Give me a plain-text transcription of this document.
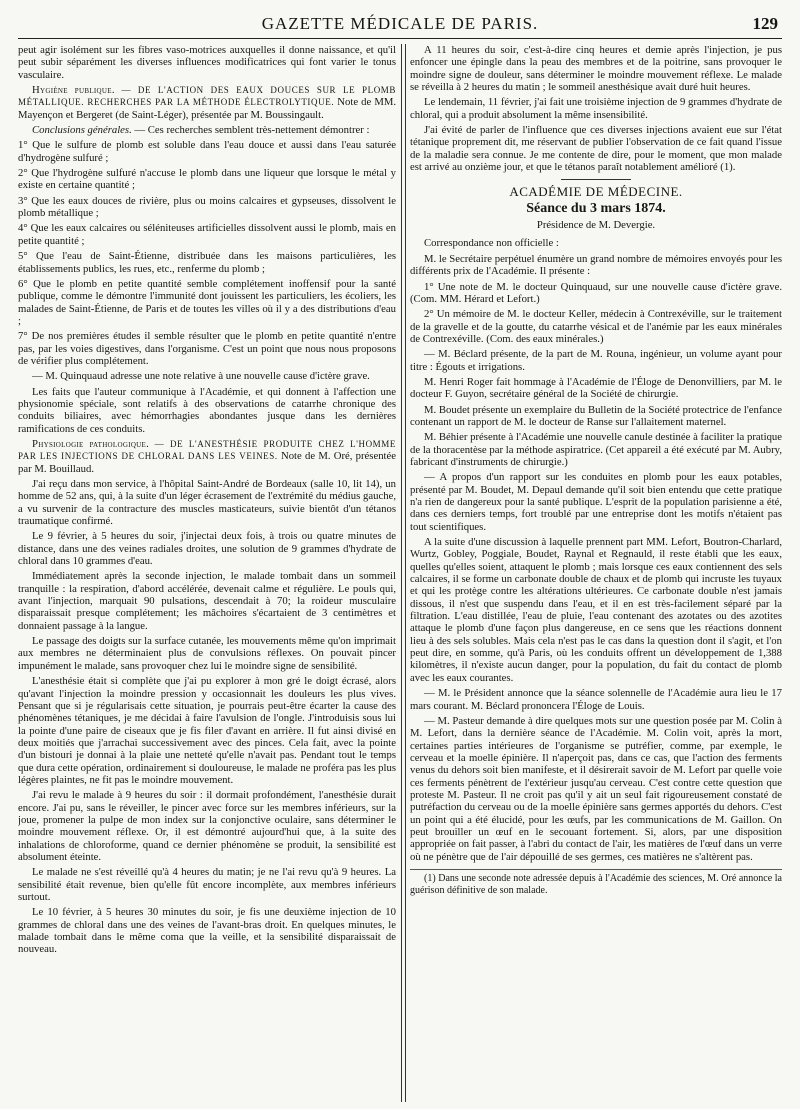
GAZETTE MÉDICALE DE PARIS.	129

peut agir isolément sur les fibres vaso-motrices auxquelles il donne naissance, et qu'il peut subir séparément les diverses influences modificatrices qui font varier le tonus vasculaire.

Hygiène publique. — DE L'ACTION DES EAUX DOUCES SUR LE PLOMB MÉTALLIQUE. RECHERCHES PAR LA MÉTHODE ÉLECTROLYTIQUE. Note de MM. Mayençon et Bergeret (de Saint-Léger), présentée par M. Boussingault.

Conclusions générales. — Ces recherches semblent très-nettement démontrer :

1° Que le sulfure de plomb est soluble dans l'eau douce et aussi dans l'eau saturée d'hydrogène sulfuré ;

2° Que l'hydrogène sulfuré n'accuse le plomb dans une liqueur que lorsque le métal y existe en certaine quantité ;

3° Que les eaux douces de rivière, plus ou moins calcaires et gypseuses, dissolvent le plomb métallique ;

4° Que les eaux calcaires ou séléniteuses artificielles dissolvent aussi le plomb, mais en petite quantité ;

5° Que l'eau de Saint-Étienne, distribuée dans les maisons particulières, les établissements publics, les rues, etc., renferme du plomb ;

6° Que le plomb en petite quantité semble complétement inoffensif pour la santé publique, comme le démontre l'immunité dont jouissent les particuliers, les écoliers, les malades de Saint-Étienne, de Paris et de toutes les villes où il y a des distributions d'eau ;

7° De nos premières études il semble résulter que le plomb en petite quantité n'entre pas, par les voies digestives, dans l'organisme. C'est un point que nous nous proposons de vérifier plus complétement.

— M. Quinquaud adresse une note relative à une nouvelle cause d'ictère grave.

Les faits que l'auteur communique à l'Académie, et qui donnent à l'affection une physionomie spéciale, sont relatifs à des observations de catarrhe chronique des conduits biliaires, avec hémorrhagies abondantes jusque dans les dernières ramifications de ces conduits.

Physiologie pathologique. — DE L'ANESTHÉSIE PRODUITE CHEZ L'HOMME PAR LES INJECTIONS DE CHLORAL DANS LES VEINES. Note de M. Oré, présentée par M. Bouillaud.

J'ai reçu dans mon service, à l'hôpital Saint-André de Bordeaux (salle 10, lit 14), un homme de 52 ans, qui, à la suite d'un léger écrasement de l'extrémité du médius gauche, a vu survenir de la contracture des muscles masticateurs, suivie bientôt d'un tétanos traumatique confirmé.

Le 9 février, à 5 heures du soir, j'injectai deux fois, à trois ou quatre minutes de distance, dans une des veines radiales droites, une solution de 9 grammes d'hydrate de chloral dans 10 grammes d'eau.

Immédiatement après la seconde injection, le malade tombait dans un sommeil tranquille : la respiration, d'abord accélérée, devenait calme et régulière. Le pouls qui, avant l'injection, marquait 90 pulsations, descendait à 70; la roideur musculaire disparaissait presque complétement; les mâchoires s'écartaient de 3 centimètres et donnaient passage à la langue.

Le passage des doigts sur la surface cutanée, les mouvements même qu'on imprimait aux membres ne déterminaient plus de convulsions réflexes. On pouvait pincer impunément le malade, sans provoquer chez lui le moindre signe de sensibilité.

L'anesthésie était si complète que j'ai pu explorer à mon gré le doigt écrasé, alors qu'avant l'injection la moindre pression y occasionnait les douleurs les plus vives. Pensant que si je régularisais cette situation, je pourrais peut-être écarter la cause des phénomènes tétaniques, je me décidai à faire l'avulsion de l'ongle. J'introduisis sous lui la pointe d'une paire de ciseaux que je fis filer d'avant en arrière. Il fut ainsi divisé en deux moitiés que j'arrachai successivement avec des pinces. Cela fait, avec la pointe d'un bistouri je donnai à la plaie une netteté qu'elle n'avait pas. Pendant tout le temps que dura cette opération, ordinairement si douloureuse, le malade ne proféra pas les plus légères plaintes, ne fit pas le moindre mouvement.

J'ai revu le malade à 9 heures du soir : il dormait profondément, l'anesthésie durait encore. J'ai pu, sans le réveiller, le pincer avec force sur les membres inférieurs, sur la joue, promener la pulpe de mon index sur la conjonctive oculaire, sans déterminer le moindre mouvement réflexe. Or, il est démontré aujourd'hui que, à la suite des inhalations de chloroforme, quand ce dernier phénomène se produit, la sensibilité est absolument éteinte.

Le malade ne s'est réveillé qu'à 4 heures du matin; je ne l'ai revu qu'à 9 heures. La sensibilité était revenue, bien qu'elle fût encore incomplète, aux membres inférieurs surtout.

Le 10 février, à 5 heures 30 minutes du soir, je fis une deuxième injection de 10 grammes de chloral dans une des veines de l'avant-bras droit. En quelques minutes, le malade tombait dans le même coma que la veille, et la sensibilité disparaissait de nouveau.

A 11 heures du soir, c'est-à-dire cinq heures et demie après l'injection, je pus enfoncer une épingle dans la peau des membres et de la poitrine, sans provoquer le moindre signe de douleur, sans déterminer le moindre mouvement réflexe. Le malade se réveilla à 2 heures du matin ; le sommeil anesthésique avait duré huit heures.

Le lendemain, 11 février, j'ai fait une troisième injection de 9 grammes d'hydrate de chloral, qui a produit absolument la même insensibilité.

J'ai évité de parler de l'influence que ces diverses injections avaient eue sur l'état tétanique proprement dit, me réservant de publier l'observation de ce fait quand l'issue de la maladie sera connue. Je me contente de dire, pour le moment, que mon malade est arrivé au onzième jour, et que le tétanos paraît notablement amélioré (1).

ACADÉMIE DE MÉDECINE.

Séance du 3 mars 1874.

Présidence de M. Devergie.

Correspondance non officielle :

M. le Secrétaire perpétuel énumère un grand nombre de mémoires envoyés pour les différents prix de l'Académie. Il présente :

1° Une note de M. le docteur Quinquaud, sur une nouvelle cause d'ictère grave. (Com. MM. Hérard et Lefort.)

2° Un mémoire de M. le docteur Keller, médecin à Contrexéville, sur le traitement de la gravelle et de la goutte, du catarrhe vésical et de l'anémie par les eaux minérales de Contrexéville. (Com. des eaux minérales.)

— M. Béclard présente, de la part de M. Rouna, ingénieur, un volume ayant pour titre : Égouts et irrigations.

M. Henri Roger fait hommage à l'Académie de l'Éloge de Denonvilliers, par M. le docteur F. Guyon, secrétaire général de la Société de chirurgie.

M. Boudet présente un exemplaire du Bulletin de la Société protectrice de l'enfance contenant un rapport de M. le docteur de Ranse sur l'allaitement maternel.

M. Béhier présente à l'Académie une nouvelle canule destinée à faciliter la pratique de la thoracentèse par la méthode aspiratrice. (Cet appareil a été exécuté par M. Aubry, fabricant d'instruments de chirurgie.)

— A propos d'un rapport sur les conduites en plomb pour les eaux potables, présenté par M. Boudet, M. Depaul demande qu'il soit bien entendu que cette pratique n'a rien de dangereux pour la santé publique. L'esprit de la population parisienne a été, dans ces derniers temps, fort troublé par une entreprise dont les motifs n'étaient pas tout scientifiques.

A la suite d'une discussion à laquelle prennent part MM. Lefort, Boutron-Charlard, Wurtz, Gobley, Poggiale, Boudet, Raynal et Regnauld, il reste établi que les eaux, quelles qu'elles soient, attaquent le plomb ; mais lorsque ces eaux contiennent des sels calcaires, il se forme un carbonate double de chaux et de plomb qui incruste les tuyaux et qui les protège contre les altérations ultérieures. Ce carbonate double n'est jamais dissous, il n'est que suspendu dans l'eau, et il en est très-facilement séparé par la filtration. L'eau distillée, l'eau de pluie, l'eau contenant des azotates ou des azotites attaque le plomb d'une façon plus dangereuse, en ce sens que les réactions donnent lieu à des sels solubles. Mais cela n'est pas le cas dans la question dont il s'agit, et l'on peut dire, en somme, qu'à Paris, où les conduits offrent un développement de 1,388 kilomètres, il n'existe aucun danger, pour la population, du fait du contact de plomb avec les eaux courantes.

— M. le Président annonce que la séance solennelle de l'Académie aura lieu le 17 mars courant. M. Béclard prononcera l'Éloge de Louis.

— M. Pasteur demande à dire quelques mots sur une question posée par M. Colin à M. Lefort, dans la dernière séance de l'Académie. M. Colin voit, après la mort, certaines parties intérieures de l'organisme se putréfier, comme, par exemple, le cerveau et la moelle épinière. Il n'aperçoit pas, dans ce cas, que l'action des ferments venus du dehors soit bien manifeste, et il désirerait savoir de M. Lefort par quelle voie ces ferments pénètrent de l'extérieur jusqu'au cerveau. C'est contre cette question que proteste M. Pasteur. Il ne croit pas qu'il y ait un seul fait rigoureusement constaté de putréfaction du cerveau ou de la moelle épinière sans germes apportés du dehors. C'est un point qui a été élucidé, pour les œufs, par les communications de M. Gaillon. On peut brouiller un œuf en le secouant fortement. Si, alors, par une disposition appropriée on fait passer, à l'abri du contact de l'air, les matières de l'œuf dans un verre où ne pénètre que de l'air dépouillé de ses germes, ces matières ne s'altèrent pas.

(1) Dans une seconde note adressée depuis à l'Académie des sciences, M. Oré annonce la guérison définitive de son malade.
